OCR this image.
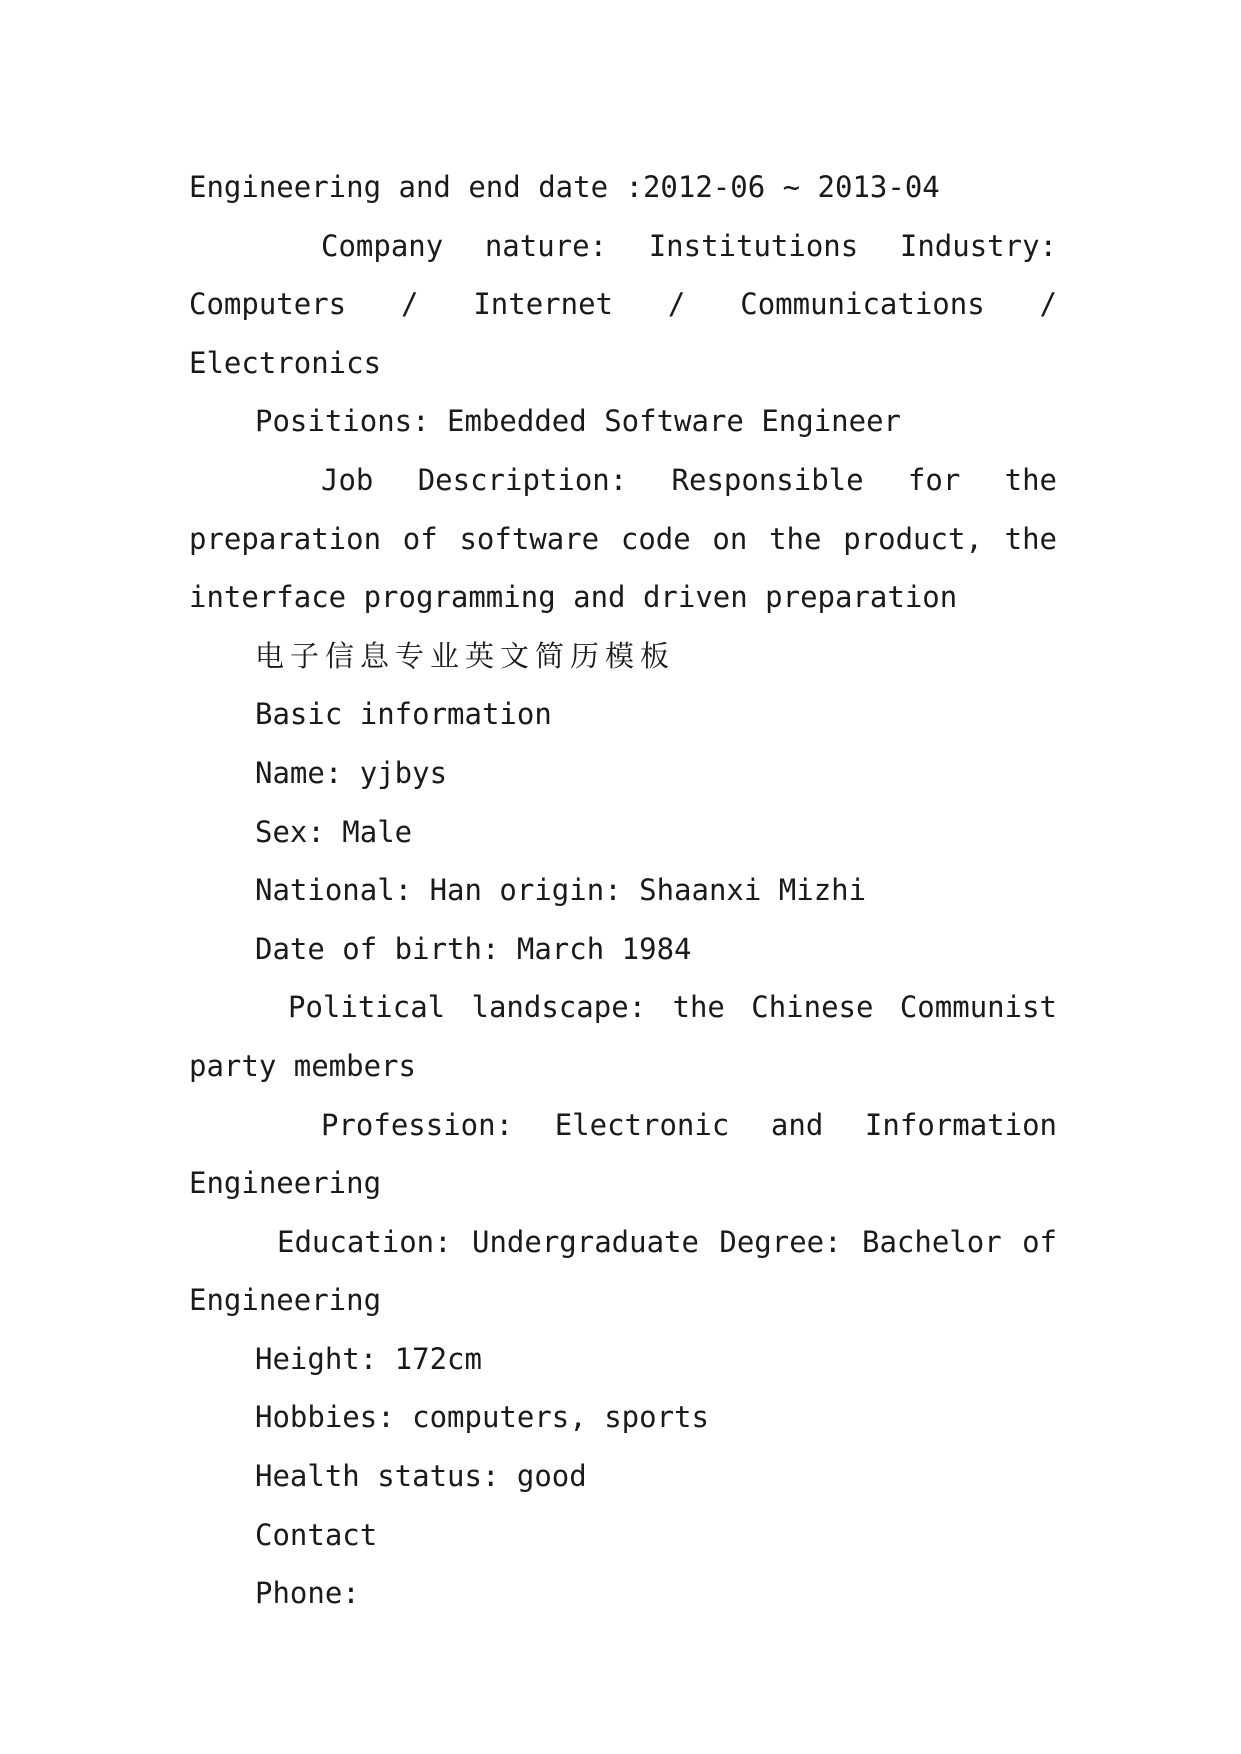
Engineering and end date :2012-06 ~ 2013-04

Company nature: Institutions Industry: Computers / Internet / Communications / Electronics

Positions: Embedded Software Engineer

Job Description: Responsible for the preparation of software code on the product, the interface programming and driven preparation

电子信息专业英文简历模板

Basic information

Name: yjbys

Sex: Male

National: Han origin: Shaanxi Mizhi

Date of birth: March 1984

Political landscape: the Chinese Communist party members

Profession: Electronic and Information Engineering

Education: Undergraduate Degree: Bachelor of Engineering

Height: 172cm

Hobbies: computers, sports

Health status: good

Contact

Phone:
